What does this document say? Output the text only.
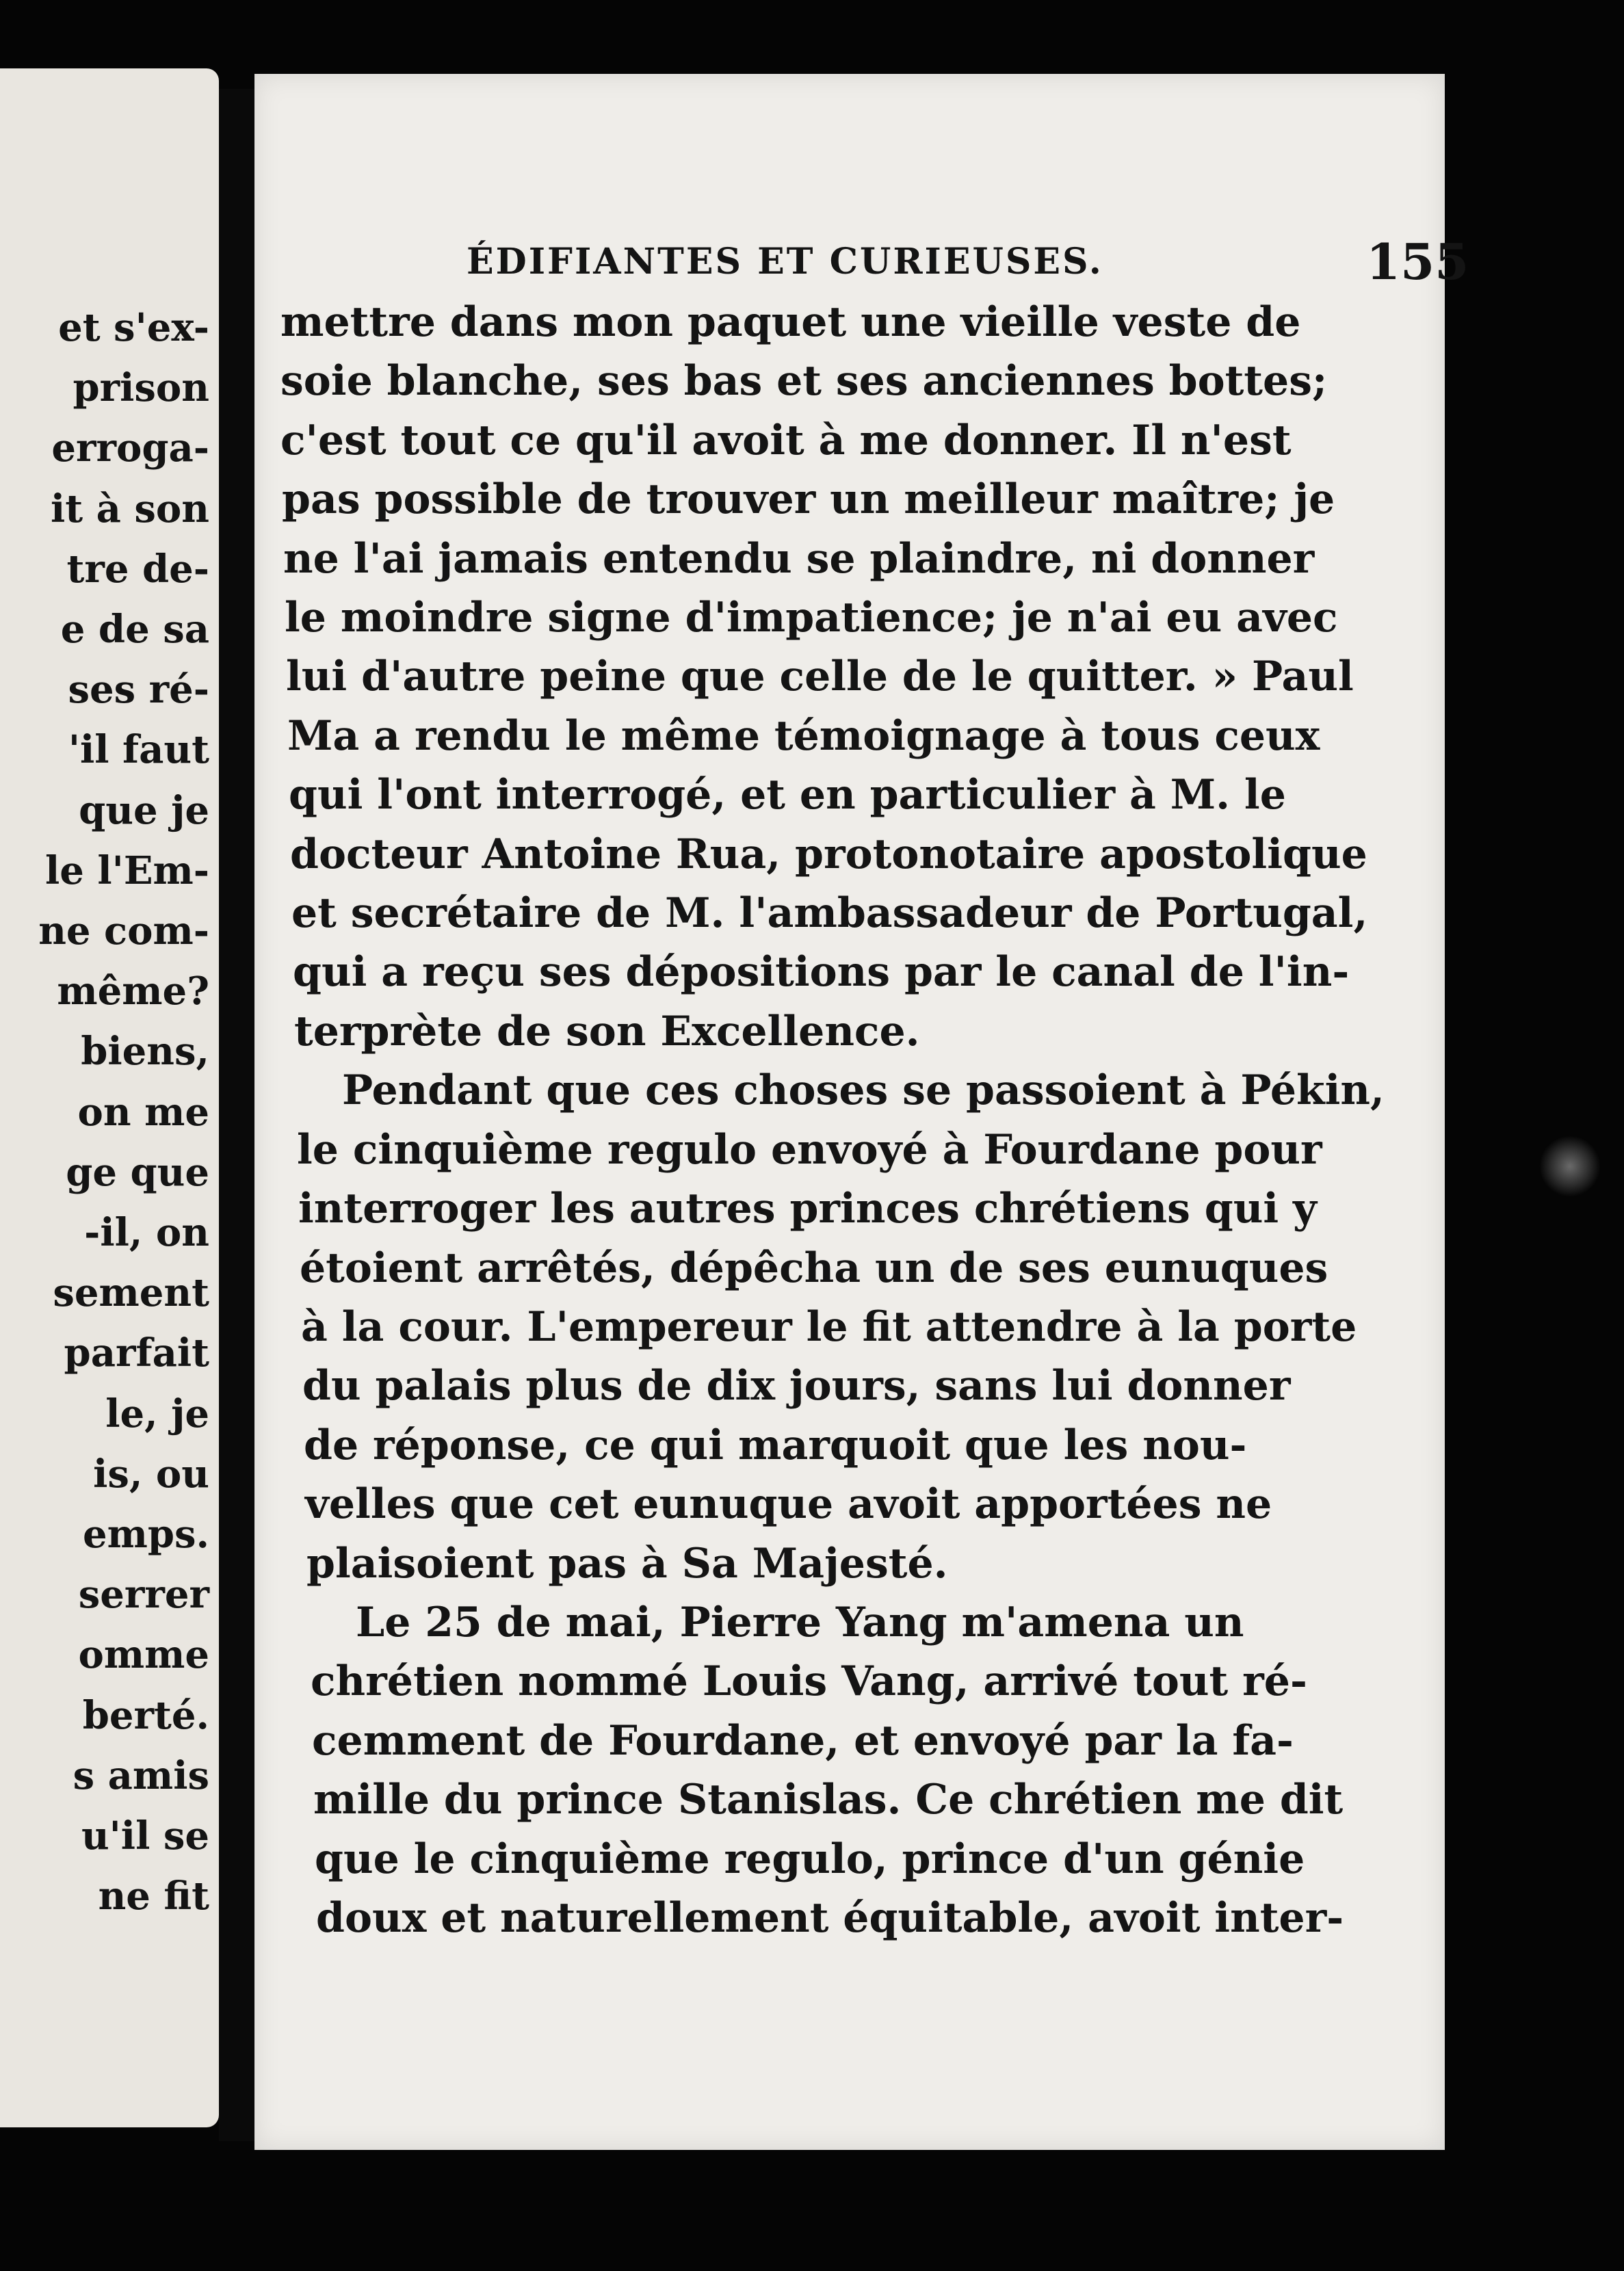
et s'ex-
prison
erroga-
it à son
tre de-
e de sa
ses ré-
'il faut
que je
le l'Em-
ne com-
même?
biens,
on me
ge que
-il, on
sement
parfait
le, je
is, ou
emps.
serrer
omme
berté.
s amis
u'il se
ne fit
ÉDIFIANTES ET CURIEUSES.	155
mettre dans mon paquet une vieille veste de
soie blanche, ses bas et ses anciennes bottes;
c'est tout ce qu'il avoit à me donner. Il n'est
pas possible de trouver un meilleur maître; je
ne l'ai jamais entendu se plaindre, ni donner
le moindre signe d'impatience; je n'ai eu avec
lui d'autre peine que celle de le quitter. » Paul
Ma a rendu le même témoignage à tous ceux
qui l'ont interrogé, et en particulier à M. le
docteur Antoine Rua, protonotaire apostolique
et secrétaire de M. l'ambassadeur de Portugal,
qui a reçu ses dépositions par le canal de l'in-
terprète de son Excellence.
Pendant que ces choses se passoient à Pékin,
le cinquième regulo envoyé à Fourdane pour
interroger les autres princes chrétiens qui y
étoient arrêtés, dépêcha un de ses eunuques
à la cour. L'empereur le fit attendre à la porte
du palais plus de dix jours, sans lui donner
de réponse, ce qui marquoit que les nou-
velles que cet eunuque avoit apportées ne
plaisoient pas à Sa Majesté.
Le 25 de mai, Pierre Yang m'amena un
chrétien nommé Louis Vang, arrivé tout ré-
cemment de Fourdane, et envoyé par la fa-
mille du prince Stanislas. Ce chrétien me dit
que le cinquième regulo, prince d'un génie
doux et naturellement équitable, avoit inter-
